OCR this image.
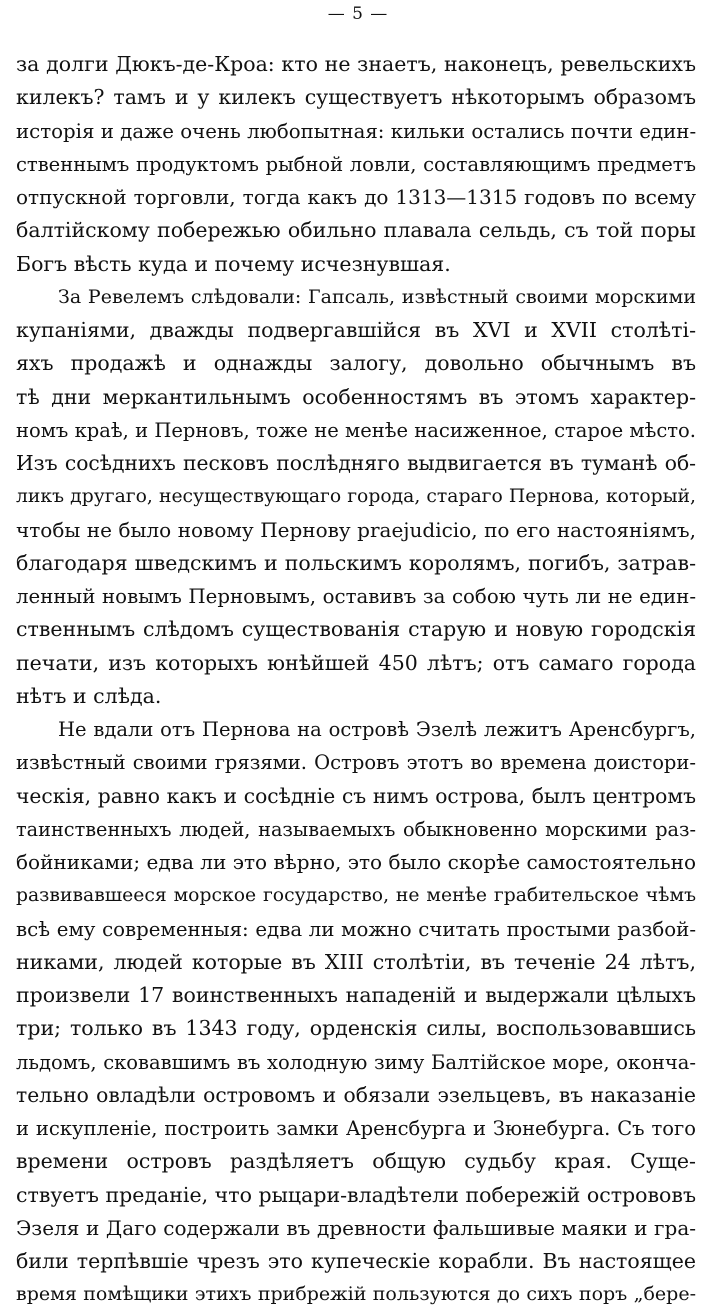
— 5 —
за долги Дюкъ-де-Кроа: кто не знаетъ, наконецъ, ревельскихъ
килекъ? тамъ и у килекъ существуетъ нѣкоторымъ образомъ
исторія и даже очень любопытная: кильки остались почти един-
ственнымъ продуктомъ рыбной ловли, составляющимъ предметъ
отпускной торговли, тогда какъ до 1313—1315 годовъ по всему
балтійскому побережью обильно плавала сельдь, съ той поры
Богъ вѣсть куда и почему исчезнувшая.
За Ревелемъ слѣдовали: Гапсаль, извѣстный своими морскими
купаніями, дважды подвергавшійся въ XVI и XVII столѣті-
яхъ продажѣ и однажды залогу, довольно обычнымъ въ
тѣ дни меркантильнымъ особенностямъ въ этомъ характер-
номъ краѣ, и Перновъ, тоже не менѣе насиженное, старое мѣсто.
Изъ сосѣднихъ песковъ послѣдняго выдвигается въ туманѣ об-
ликъ другаго, несуществующаго города, стараго Пернова, который,
чтобы не было новому Пернову praejudicio, по его настояніямъ,
благодаря шведскимъ и польскимъ королямъ, погибъ, затрав-
ленный новымъ Перновымъ, оставивъ за собою чуть ли не един-
ственнымъ слѣдомъ существованія старую и новую городскія
печати, изъ которыхъ юнѣйшей 450 лѣтъ; отъ самаго города
нѣтъ и слѣда.
Не вдали отъ Пернова на островѣ Эзелѣ лежитъ Аренсбургъ,
извѣстный своими грязями. Островъ этотъ во времена доистори-
ческія, равно какъ и сосѣдніе съ нимъ острова, былъ центромъ
таинственныхъ людей, называемыхъ обыкновенно морскими раз-
бойниками; едва ли это вѣрно, это было скорѣе самостоятельно
развивавшееся морское государство, не менѣе грабительское чѣмъ
всѣ ему современныя: едва ли можно считать простыми разбой-
никами, людей которые въ XIII столѣтіи, въ теченіе 24 лѣтъ,
произвели 17 воинственныхъ нападеній и выдержали цѣлыхъ
три; только въ 1343 году, орденскія силы, воспользовавшись
льдомъ, сковавшимъ въ холодную зиму Балтійское море, оконча-
тельно овладѣли островомъ и обязали эзельцевъ, въ наказаніе
и искупленіе, построить замки Аренсбурга и Зюнебурга. Съ того
времени островъ раздѣляетъ общую судьбу края. Суще-
ствуетъ преданіе, что рыцари-владѣтели побережій острововъ
Эзеля и Даго содержали въ древности фальшивые маяки и гра-
били терпѣвшіе чрезъ это купеческіе корабли. Въ настоящее
время помѣщики этихъ прибрежій пользуются до сихъ поръ „бере-
